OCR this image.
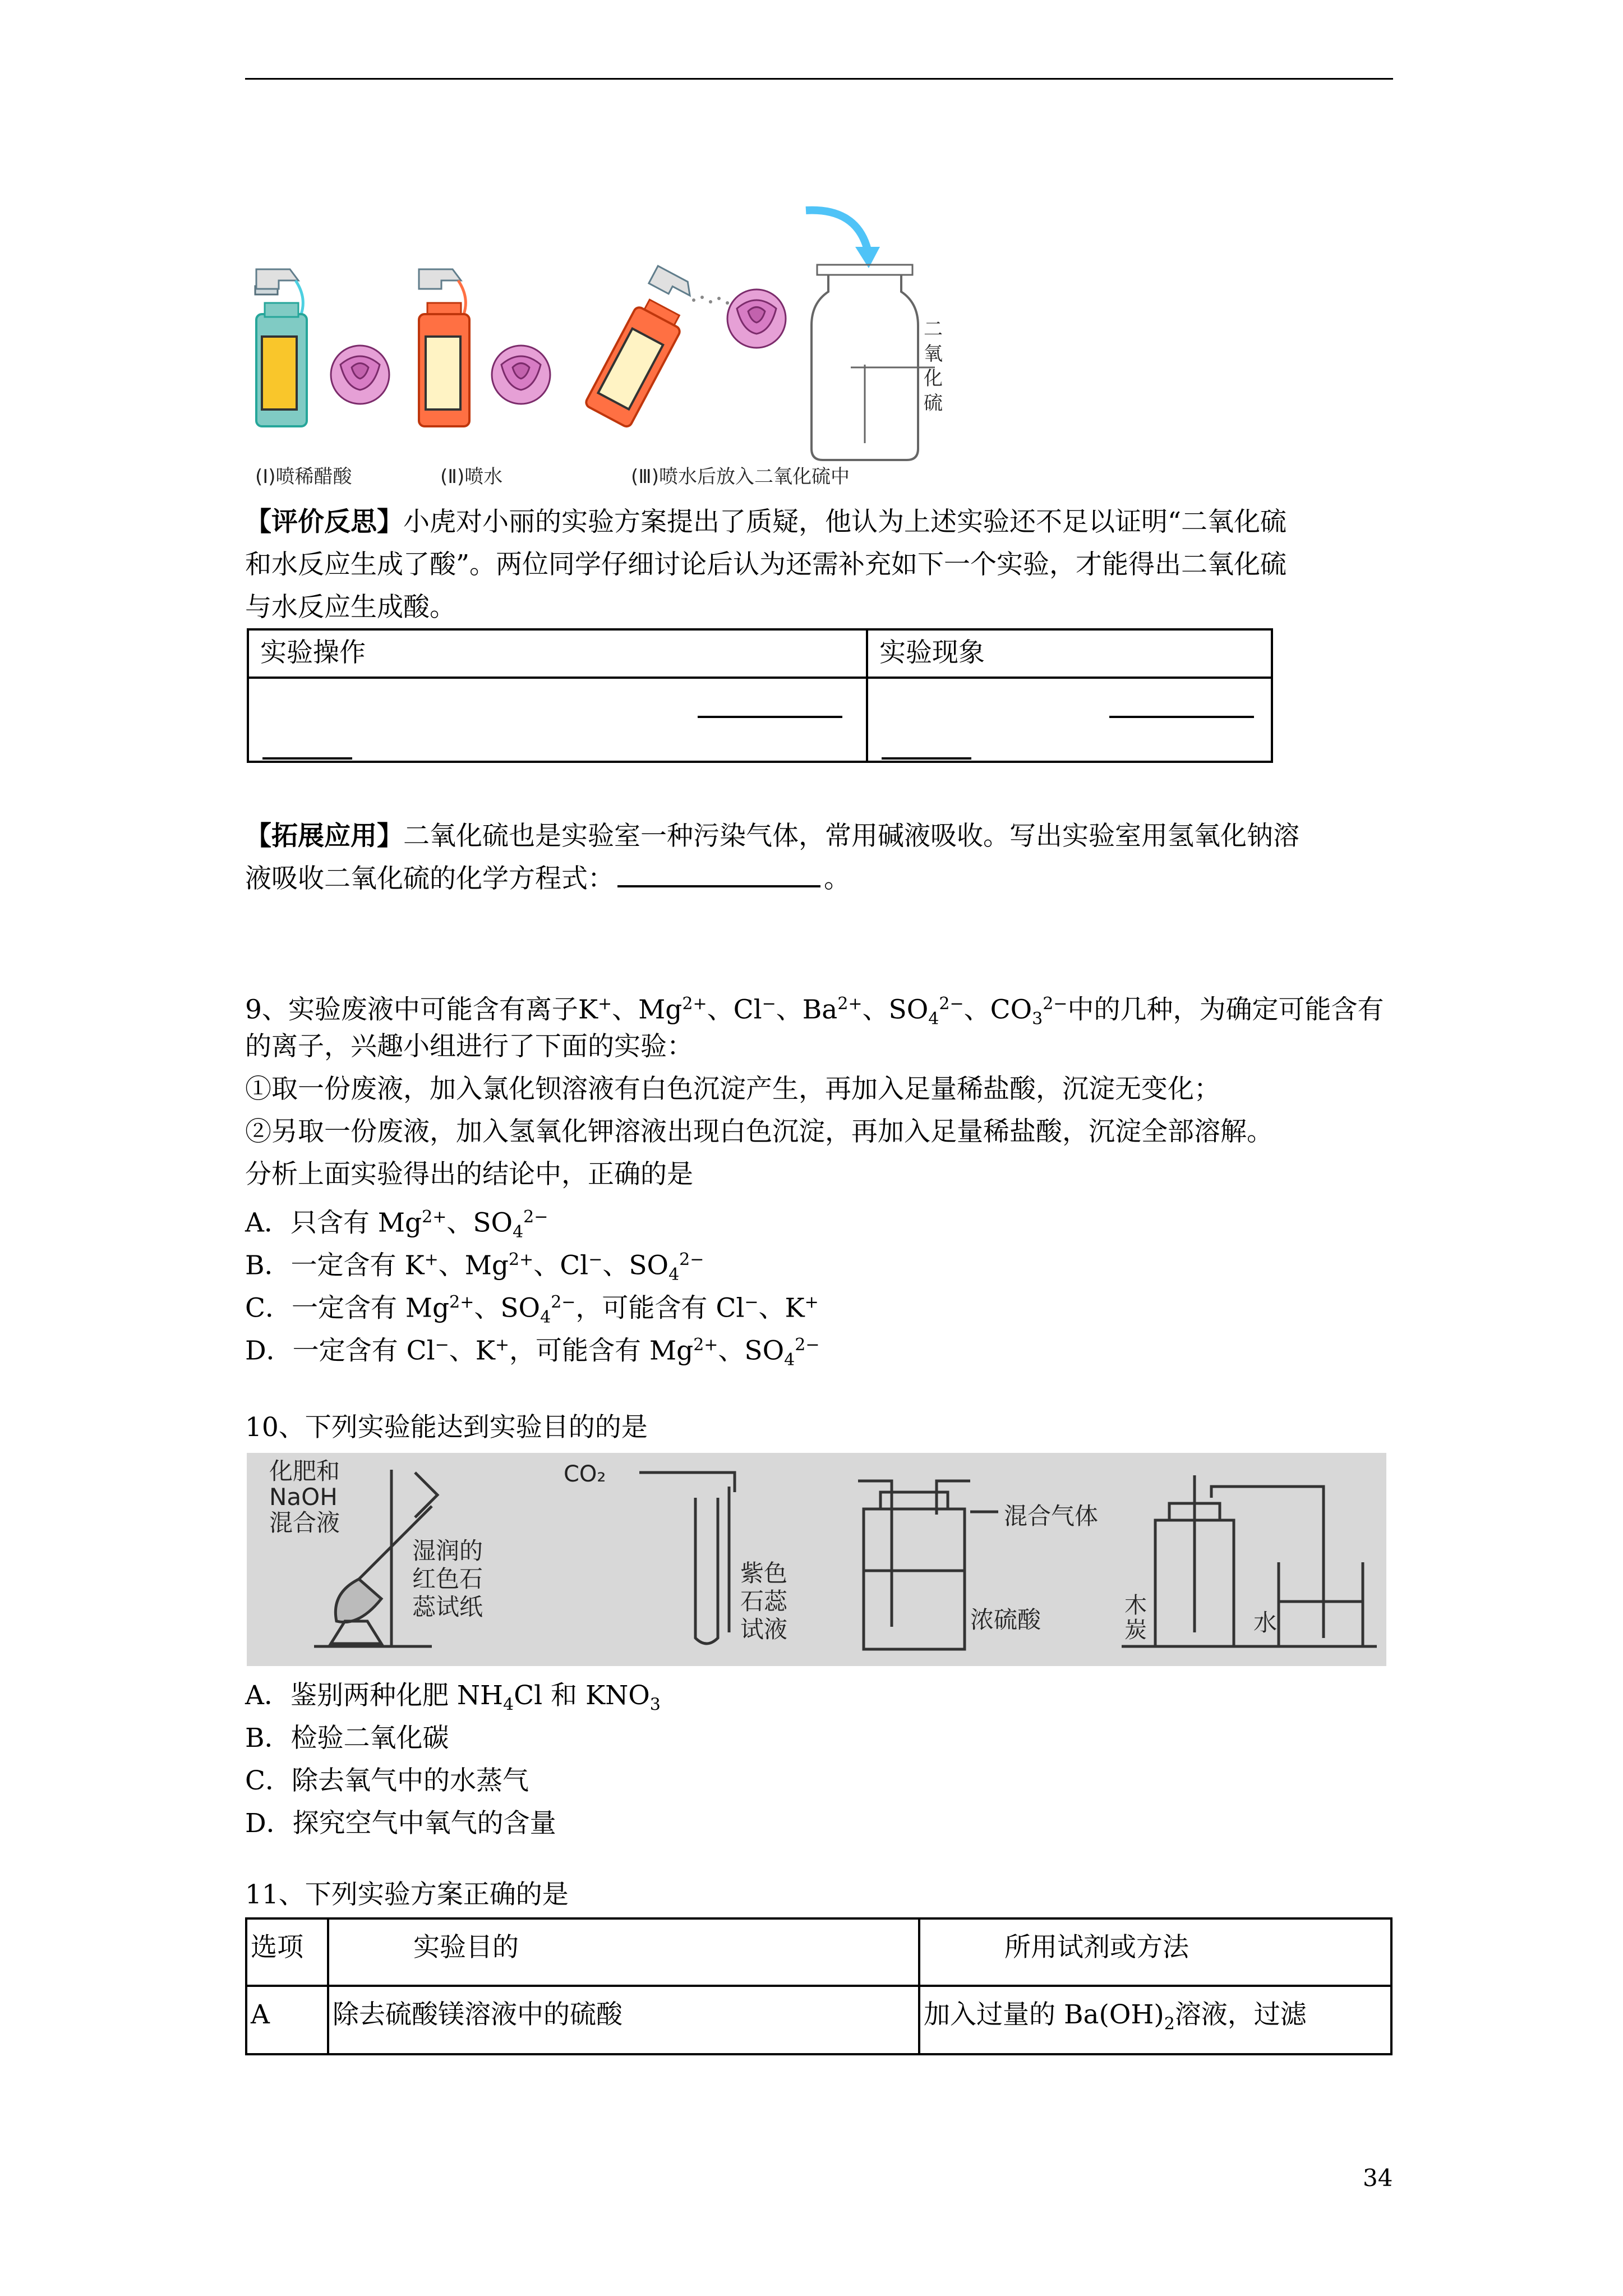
二氧化硫
(Ⅰ)喷稀醋酸	(Ⅱ)喷水	(Ⅲ)喷水后放入二氧化硫中
【评价反思】小虎对小丽的实验方案提出了质疑，他认为上述实验还不足以证明“二氧化硫
和水反应生成了酸”。两位同学仔细讨论后认为还需补充如下一个实验，才能得出二氧化硫
与水反应生成酸。
实验操作	实验现象

【拓展应用】二氧化硫也是实验室一种污染气体，常用碱液吸收。写出实验室用氢氧化钠溶
液吸收二氧化硫的化学方程式：	。
9、实验废液中可能含有离子K+、$Mg^{2+}$、Cl−、$Ba^{2+}$、$SO_4^{2-}$、$CO_3^{2-}$中的几种，为确定可能含有
的离子，兴趣小组进行了下面的实验：
①取一份废液，加入氯化钡溶液有白色沉淀产生，再加入足量稀盐酸，沉淀无变化；
②另取一份废液，加入氢氧化钾溶液出现白色沉淀，再加入足量稀盐酸，沉淀全部溶解。
分析上面实验得出的结论中，正确的是
A．只含有 $Mg^{2+}$、$SO_4^{2-}$
B．一定含有 K+、$Mg^{2+}$、Cl−、$SO_4^{2-}$
C．一定含有 $Mg^{2+}$、$SO_4^{2-}$，可能含有 Cl−、K+
D．一定含有 Cl−、K+，可能含有 $Mg^{2+}$、$SO_4^{2-}$
10、下列实验能达到实验目的的是
化肥和
NaOH
混合液
湿润的
红色石
蕊试纸
CO₂
紫色
石蕊
试液
混合气体
浓硫酸
木
炭	水
A．鉴别两种化肥 $NH_4Cl$ 和 $KNO_3$
B．检验二氧化碳
C．除去氧气中的水蒸气
D．探究空气中氧气的含量
11、下列实验方案正确的是
选项	实验目的	所用试剂或方法
A	除去硫酸镁溶液中的硫酸	加入过量的 $Ba(OH)_2$溶液，过滤
34
